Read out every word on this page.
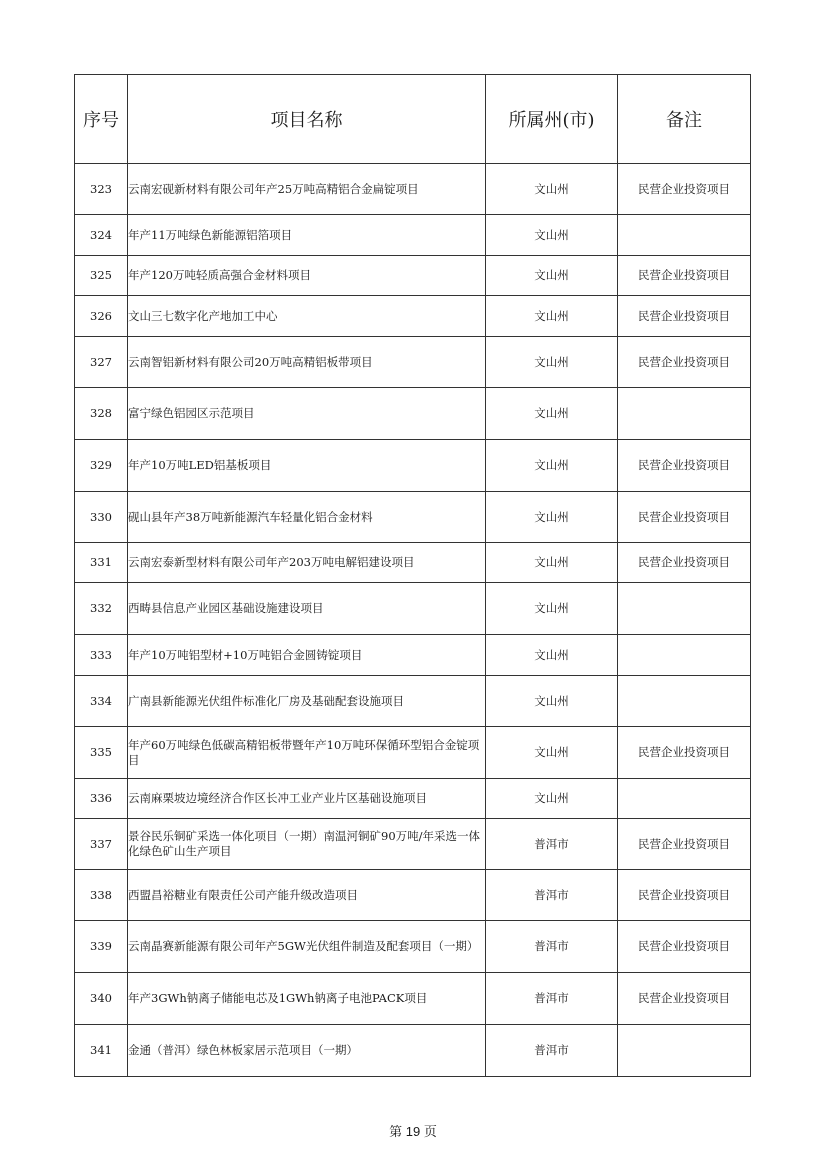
序号	项目名称	所属州(市)	备注
323	云南宏砚新材料有限公司年产25万吨高精铝合金扁锭项目	文山州	民营企业投资项目
324	年产11万吨绿色新能源铝箔项目	文山州	
325	年产120万吨轻质高强合金材料项目	文山州	民营企业投资项目
326	文山三七数字化产地加工中心	文山州	民营企业投资项目
327	云南智铝新材料有限公司20万吨高精铝板带项目	文山州	民营企业投资项目
328	富宁绿色铝园区示范项目	文山州	
329	年产10万吨LED铝基板项目	文山州	民营企业投资项目
330	砚山县年产38万吨新能源汽车轻量化铝合金材料	文山州	民营企业投资项目
331	云南宏泰新型材料有限公司年产203万吨电解铝建设项目	文山州	民营企业投资项目
332	西畴县信息产业园区基础设施建设项目	文山州	
333	年产10万吨铝型材+10万吨铝合金圆铸锭项目	文山州	
334	广南县新能源光伏组件标准化厂房及基础配套设施项目	文山州	
335	年产60万吨绿色低碳高精铝板带暨年产10万吨环保循环型铝合金锭项目	文山州	民营企业投资项目
336	云南麻栗坡边境经济合作区长冲工业产业片区基础设施项目	文山州	
337	景谷民乐铜矿采选一体化项目（一期）南温河铜矿90万吨/年采选一体化绿色矿山生产项目	普洱市	民营企业投资项目
338	西盟昌裕糖业有限责任公司产能升级改造项目	普洱市	民营企业投资项目
339	云南晶赛新能源有限公司年产5GW光伏组件制造及配套项目（一期）	普洱市	民营企业投资项目
340	年产3GWh钠离子储能电芯及1GWh钠离子电池PACK项目	普洱市	民营企业投资项目
341	金通（普洱）绿色林板家居示范项目（一期）	普洱市	
第 19 页
